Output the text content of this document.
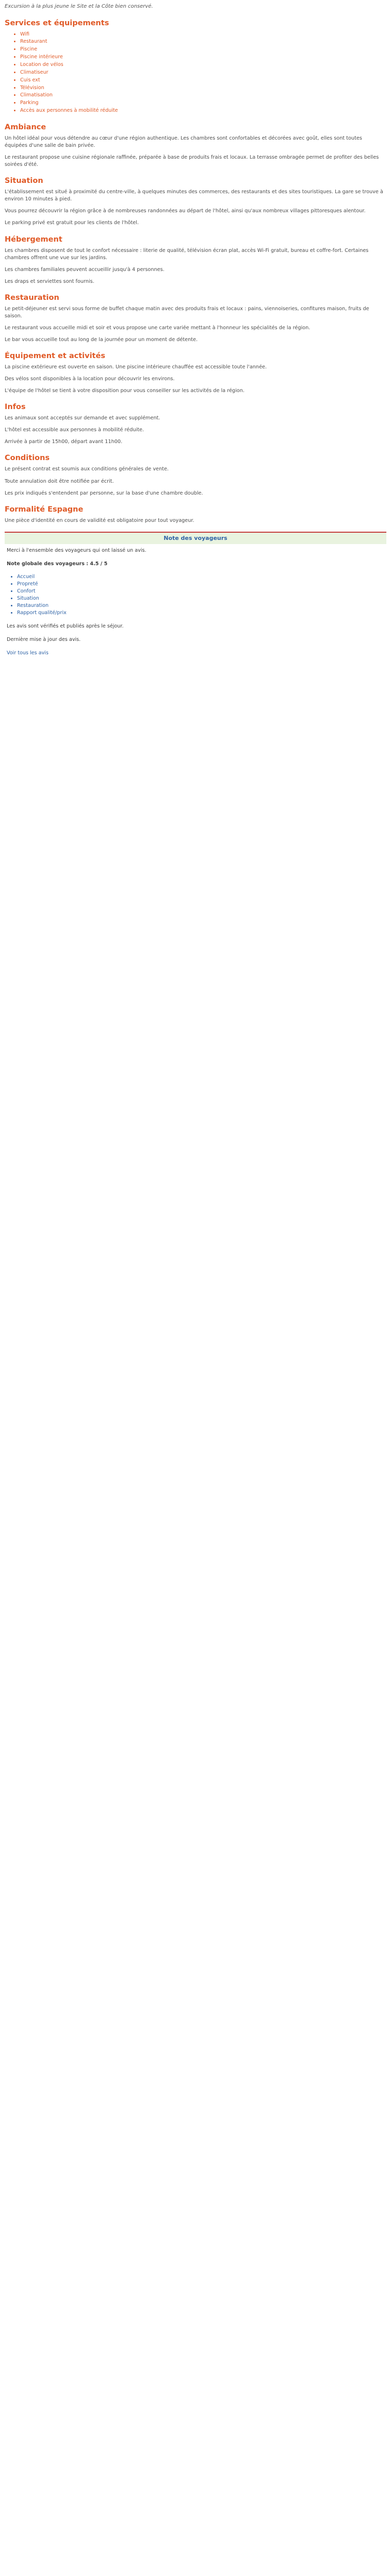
Excursion à la plus jeune le Site et la Côte bien conservé.

Services et équipements
• Wifi
• Restaurant
• Piscine
• Piscine intérieure
• Location de vélos
• Climatiseur
• Cuis ext
• Télévision
• Climatisation
• Parking
• Accès aux personnes à mobilité réduite
Ambiance

Un hôtel idéal pour vous détendre au cœur d'une région authentique. Les chambres sont confortables et décorées avec goût, elles sont toutes équipées d'une salle de bain privée.

Le restaurant propose une cuisine régionale raffinée, préparée à base de produits frais et locaux. La terrasse ombragée permet de profiter des belles soirées d'été.

Situation

L'établissement est situé à proximité du centre-ville, à quelques minutes des commerces, des restaurants et des sites touristiques. La gare se trouve à environ 10 minutes à pied.

Vous pourrez découvrir la région grâce à de nombreuses randonnées au départ de l'hôtel, ainsi qu'aux nombreux villages pittoresques alentour.

Le parking privé est gratuit pour les clients de l'hôtel.

Hébergement

Les chambres disposent de tout le confort nécessaire : literie de qualité, télévision écran plat, accès Wi-Fi gratuit, bureau et coffre-fort. Certaines chambres offrent une vue sur les jardins.

Les chambres familiales peuvent accueillir jusqu'à 4 personnes.

Les draps et serviettes sont fournis.

Restauration

Le petit-déjeuner est servi sous forme de buffet chaque matin avec des produits frais et locaux : pains, viennoiseries, confitures maison, fruits de saison.

Le restaurant vous accueille midi et soir et vous propose une carte variée mettant à l'honneur les spécialités de la région.

Le bar vous accueille tout au long de la journée pour un moment de détente.

Équipement et activités

La piscine extérieure est ouverte en saison. Une piscine intérieure chauffée est accessible toute l'année.

Des vélos sont disponibles à la location pour découvrir les environs.

L'équipe de l'hôtel se tient à votre disposition pour vous conseiller sur les activités de la région.

Infos

Les animaux sont acceptés sur demande et avec supplément.

L'hôtel est accessible aux personnes à mobilité réduite.

Arrivée à partir de 15h00, départ avant 11h00.

Conditions

Le présent contrat est soumis aux conditions générales de vente.

Toute annulation doit être notifiée par écrit.

Les prix indiqués s'entendent par personne, sur la base d'une chambre double.

Formalité Espagne

Une pièce d'identité en cours de validité est obligatoire pour tout voyageur.

Note des voyageurs

Merci à l'ensemble des voyageurs qui ont laissé un avis.

Note globale des voyageurs : 4.5 / 5

• Accueil
• Propreté
• Confort
• Situation
• Restauration
• Rapport qualité/prix

Les avis sont vérifiés et publiés après le séjour.

Dernière mise à jour des avis.

Voir tous les avis
